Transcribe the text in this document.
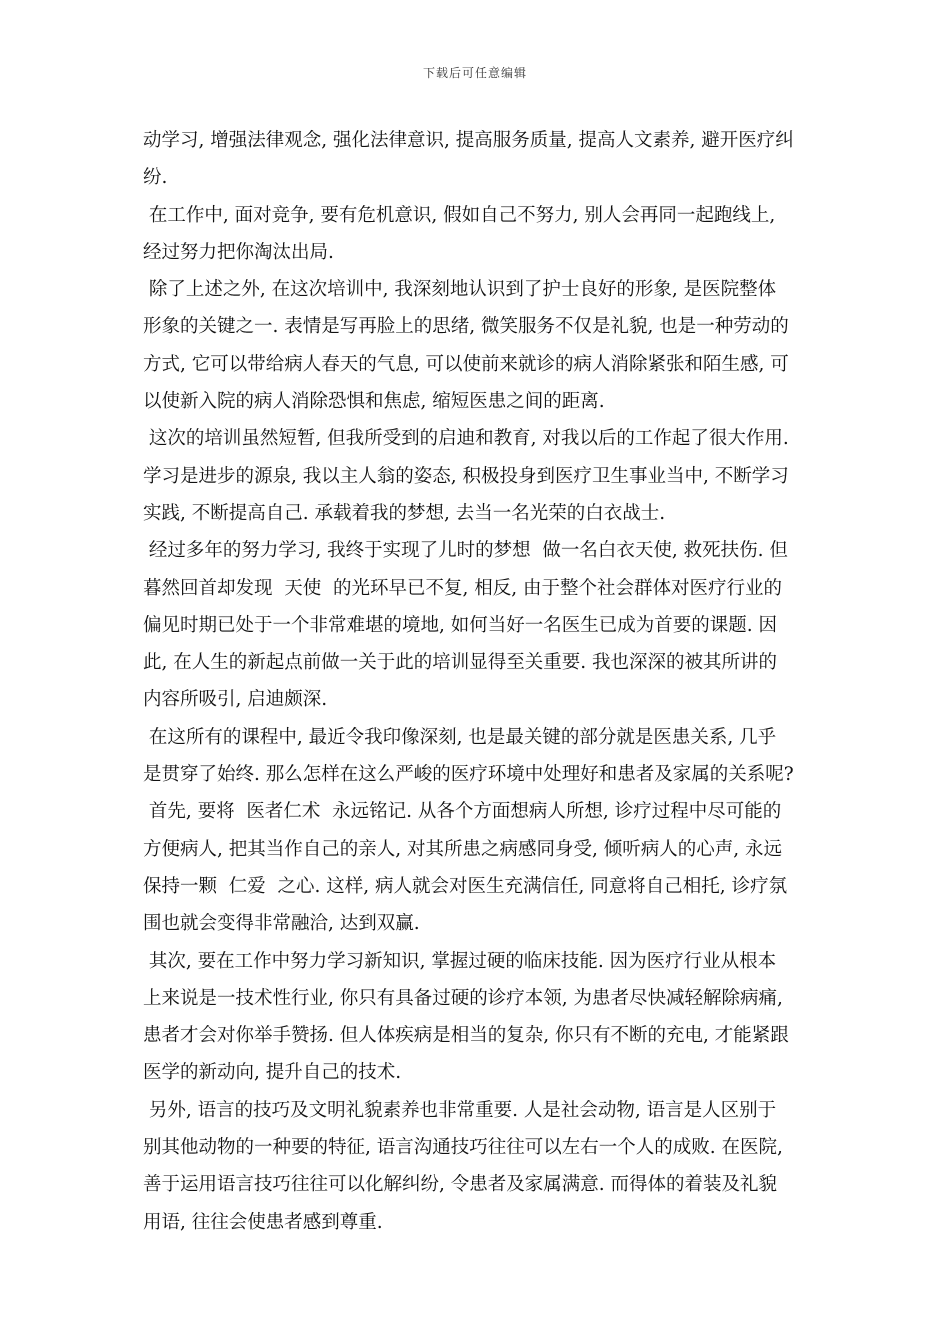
下载后可任意编辑
动学习, 增强法律观念, 强化法律意识, 提高服务质量, 提高人文素养, 避开医疗纠
纷.
在工作中, 面对竞争, 要有危机意识, 假如自己不努力, 别人会再同一起跑线上,
经过努力把你淘汰出局.
除了上述之外, 在这次培训中, 我深刻地认识到了护士良好的形象, 是医院整体
形象的关键之一. 表情是写再脸上的思绪, 微笑服务不仅是礼貌, 也是一种劳动的
方式, 它可以带给病人春天的气息, 可以使前来就诊的病人消除紧张和陌生感, 可
以使新入院的病人消除恐惧和焦虑, 缩短医患之间的距离.
这次的培训虽然短暂, 但我所受到的启迪和教育, 对我以后的工作起了很大作用.
学习是进步的源泉, 我以主人翁的姿态, 积极投身到医疗卫生事业当中, 不断学习
实践, 不断提高自己. 承载着我的梦想, 去当一名光荣的白衣战士.
经过多年的努力学习, 我终于实现了儿时的梦想  做一名白衣天使, 救死扶伤. 但
暮然回首却发现  天使  的光环早已不复, 相反, 由于整个社会群体对医疗行业的
偏见时期已处于一个非常难堪的境地, 如何当好一名医生已成为首要的课题. 因
此, 在人生的新起点前做一关于此的培训显得至关重要. 我也深深的被其所讲的
内容所吸引, 启迪颇深.
在这所有的课程中, 最近令我印像深刻, 也是最关键的部分就是医患关系, 几乎
是贯穿了始终. 那么怎样在这么严峻的医疗环境中处理好和患者及家属的关系呢?
首先, 要将  医者仁术  永远铭记. 从各个方面想病人所想, 诊疗过程中尽可能的
方便病人, 把其当作自己的亲人, 对其所患之病感同身受, 倾听病人的心声, 永远
保持一颗  仁爱  之心. 这样, 病人就会对医生充满信任, 同意将自己相托, 诊疗氛
围也就会变得非常融洽, 达到双赢.
其次, 要在工作中努力学习新知识, 掌握过硬的临床技能. 因为医疗行业从根本
上来说是一技术性行业, 你只有具备过硬的诊疗本领, 为患者尽快减轻解除病痛,
患者才会对你举手赞扬. 但人体疾病是相当的复杂, 你只有不断的充电, 才能紧跟
医学的新动向, 提升自己的技术.
另外, 语言的技巧及文明礼貌素养也非常重要. 人是社会动物, 语言是人区别于
别其他动物的一种要的特征, 语言沟通技巧往往可以左右一个人的成败. 在医院,
善于运用语言技巧往往可以化解纠纷, 令患者及家属满意. 而得体的着装及礼貌
用语, 往往会使患者感到尊重.
